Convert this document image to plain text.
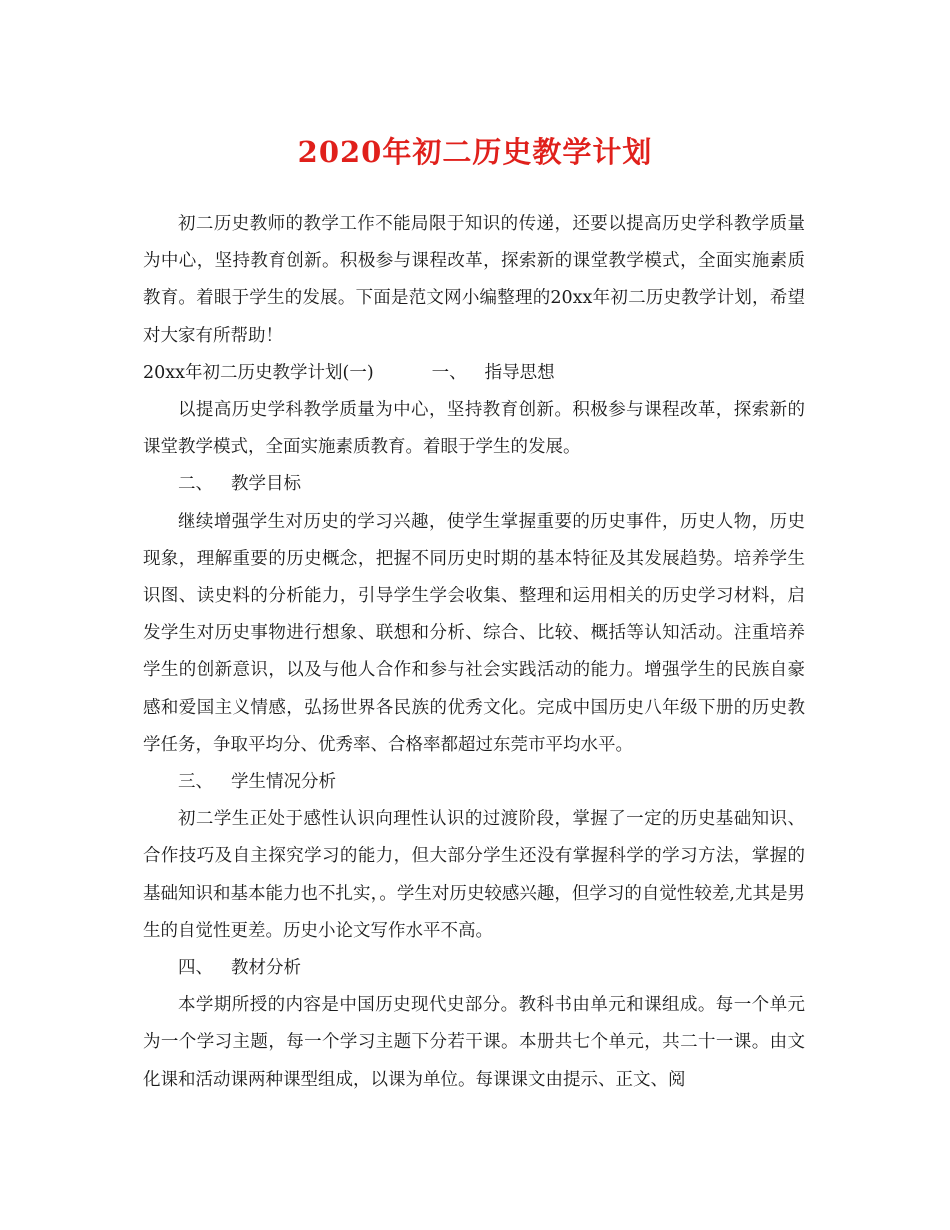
2020年初二历史教学计划

初二历史教师的教学工作不能局限于知识的传递，还要以提高历史学科教学质量为中心，坚持教育创新。积极参与课程改革，探索新的课堂教学模式，全面实施素质教育。着眼于学生的发展。下面是范文网小编整理的20xx年初二历史教学计划，希望对大家有所帮助！

20xx年初二历史教学计划(一)	一、 指导思想

以提高历史学科教学质量为中心，坚持教育创新。积极参与课程改革，探索新的课堂教学模式，全面实施素质教育。着眼于学生的发展。

二、 教学目标

继续增强学生对历史的学习兴趣，使学生掌握重要的历史事件，历史人物，历史现象，理解重要的历史概念，把握不同历史时期的基本特征及其发展趋势。培养学生识图、读史料的分析能力，引导学生学会收集、整理和运用相关的历史学习材料，启发学生对历史事物进行想象、联想和分析、综合、比较、概括等认知活动。注重培养学生的创新意识，以及与他人合作和参与社会实践活动的能力。增强学生的民族自豪感和爱国主义情感，弘扬世界各民族的优秀文化。完成中国历史八年级下册的历史教学任务，争取平均分、优秀率、合格率都超过东莞市平均水平。

三、 学生情况分析

初二学生正处于感性认识向理性认识的过渡阶段，掌握了一定的历史基础知识、合作技巧及自主探究学习的能力，但大部分学生还没有掌握科学的学习方法，掌握的基础知识和基本能力也不扎实，。学生对历史较感兴趣，但学习的自觉性较差,尤其是男生的自觉性更差。历史小论文写作水平不高。

四、 教材分析

本学期所授的内容是中国历史现代史部分。教科书由单元和课组成。每一个单元为一个学习主题，每一个学习主题下分若干课。本册共七个单元，共二十一课。由文化课和活动课两种课型组成，以课为单位。每课课文由提示、正文、阅
